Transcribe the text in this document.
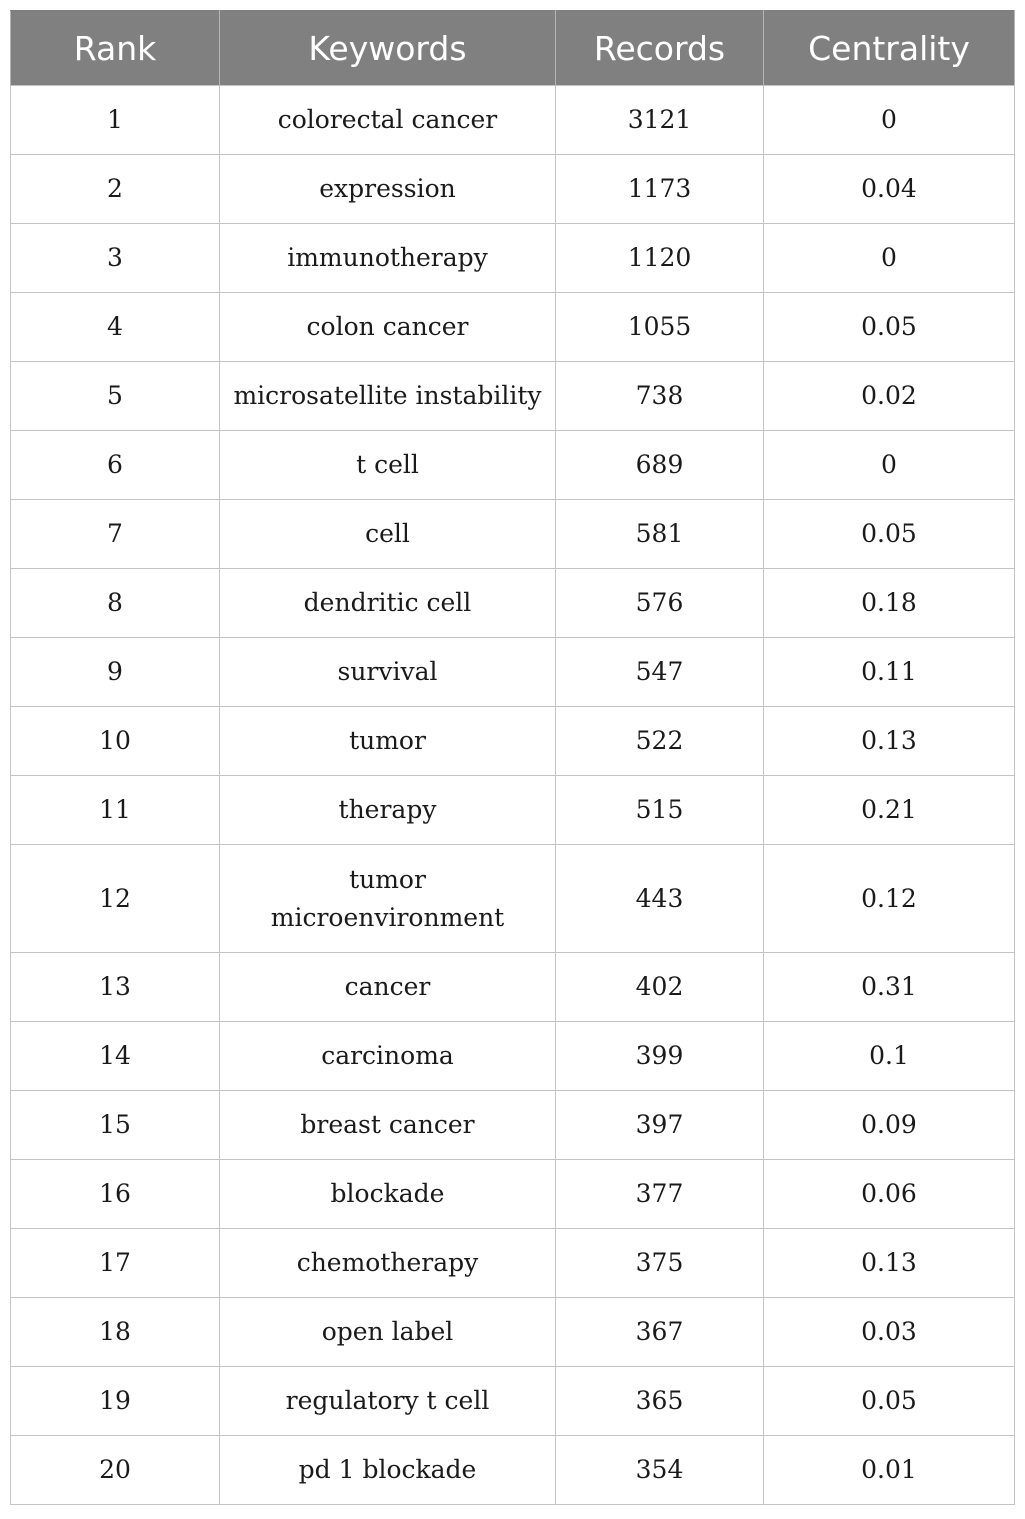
Rank	Keywords	Records	Centrality
1	colorectal cancer	3121	0
2	expression	1173	0.04
3	immunotherapy	1120	0
4	colon cancer	1055	0.05
5	microsatellite instability	738	0.02
6	t cell	689	0
7	cell	581	0.05
8	dendritic cell	576	0.18
9	survival	547	0.11
10	tumor	522	0.13
11	therapy	515	0.21
12	tumor microenvironment	443	0.12
13	cancer	402	0.31
14	carcinoma	399	0.1
15	breast cancer	397	0.09
16	blockade	377	0.06
17	chemotherapy	375	0.13
18	open label	367	0.03
19	regulatory t cell	365	0.05
20	pd 1 blockade	354	0.01
